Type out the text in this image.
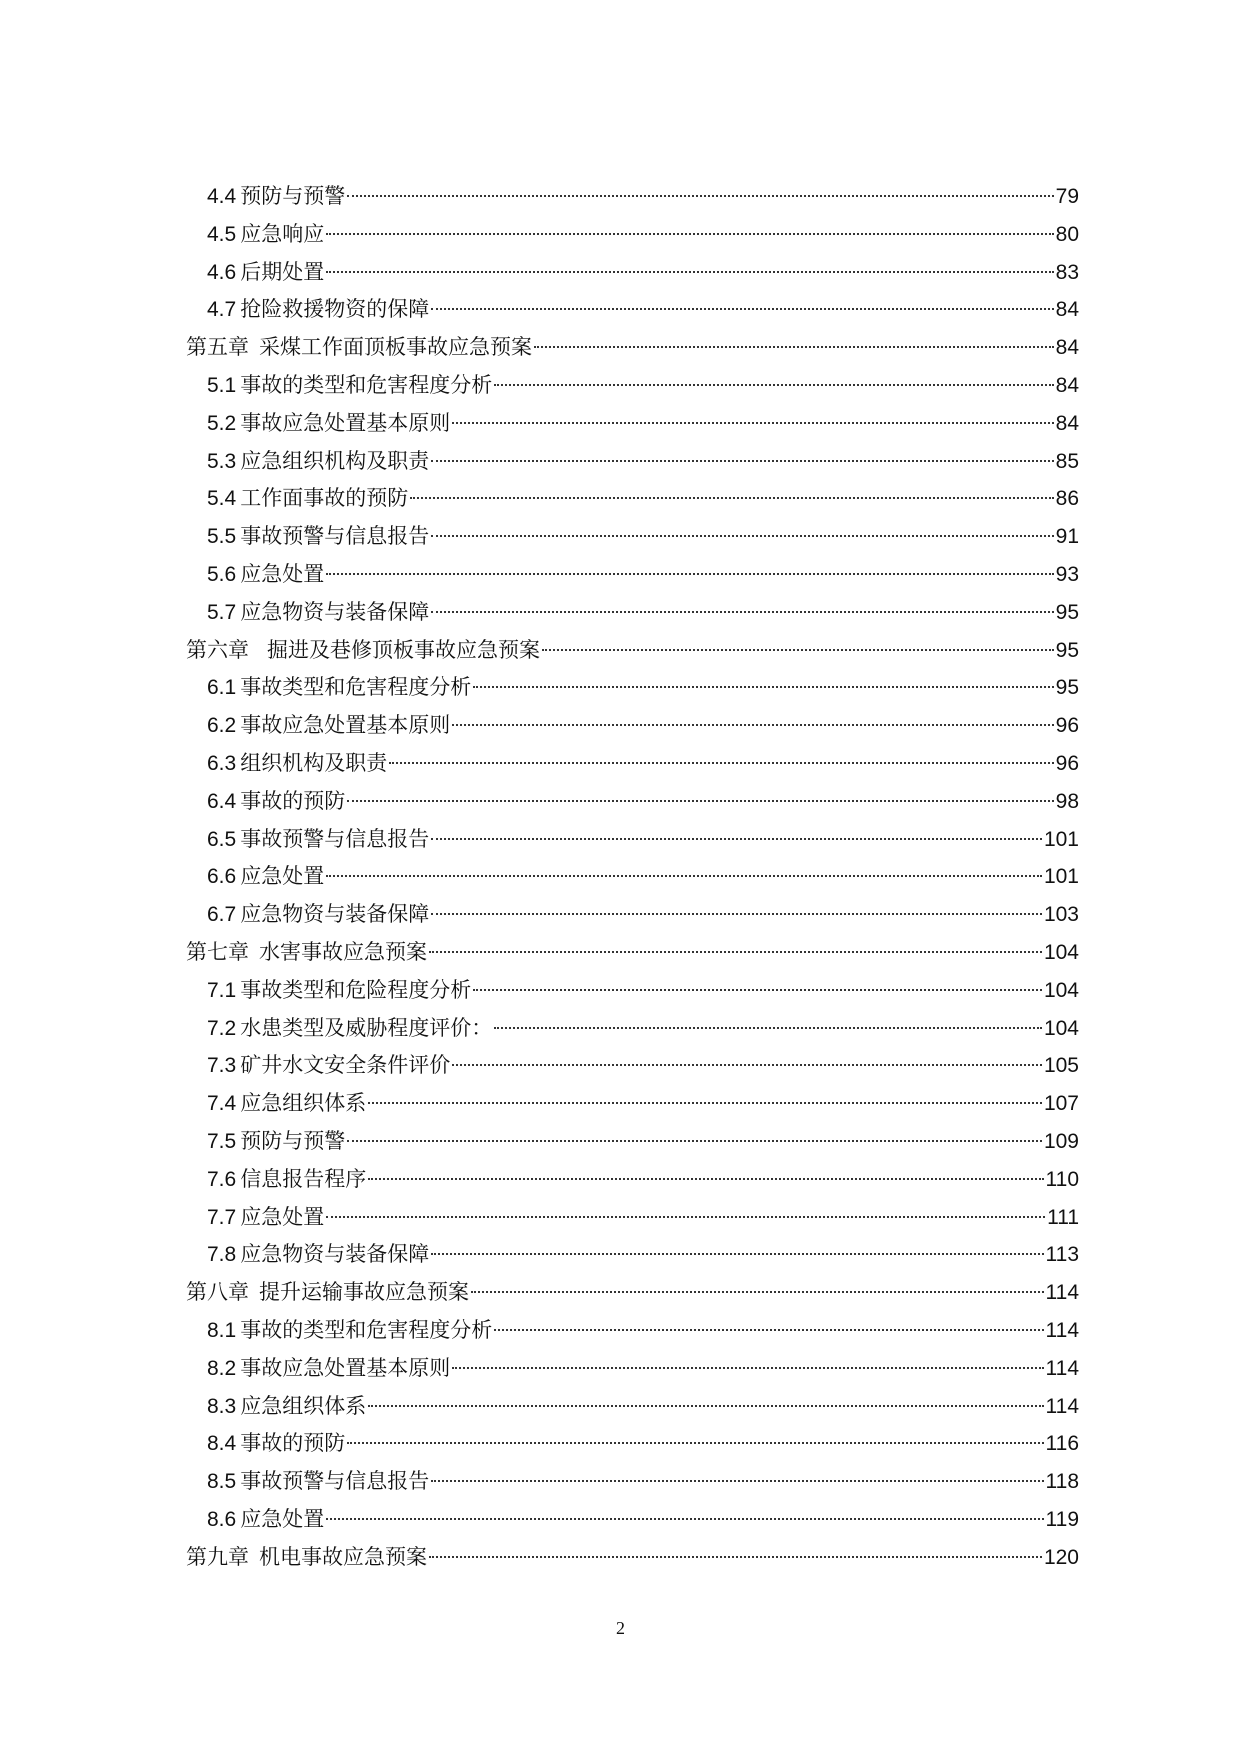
4.4 预防与预警	79
4.5 应急响应	80
4.6 后期处置	83
4.7 抢险救援物资的保障	84
第五章 采煤工作面顶板事故应急预案	84
5.1 事故的类型和危害程度分析	84
5.2 事故应急处置基本原则	84
5.3 应急组织机构及职责	85
5.4 工作面事故的预防	86
5.5 事故预警与信息报告	91
5.6 应急处置	93
5.7 应急物资与装备保障	95
第六章 掘进及巷修顶板事故应急预案	95
6.1 事故类型和危害程度分析	95
6.2 事故应急处置基本原则	96
6.3 组织机构及职责	96
6.4 事故的预防	98
6.5 事故预警与信息报告	101
6.6 应急处置	101
6.7 应急物资与装备保障	103
第七章 水害事故应急预案	104
7.1 事故类型和危险程度分析	104
7.2 水患类型及威胁程度评价：	104
7.3 矿井水文安全条件评价	105
7.4 应急组织体系	107
7.5 预防与预警	109
7.6 信息报告程序	110
7.7 应急处置	111
7.8 应急物资与装备保障	113
第八章 提升运输事故应急预案	114
8.1 事故的类型和危害程度分析	114
8.2 事故应急处置基本原则	114
8.3 应急组织体系	114
8.4 事故的预防	116
8.5 事故预警与信息报告	118
8.6 应急处置	119
第九章 机电事故应急预案	120
2
